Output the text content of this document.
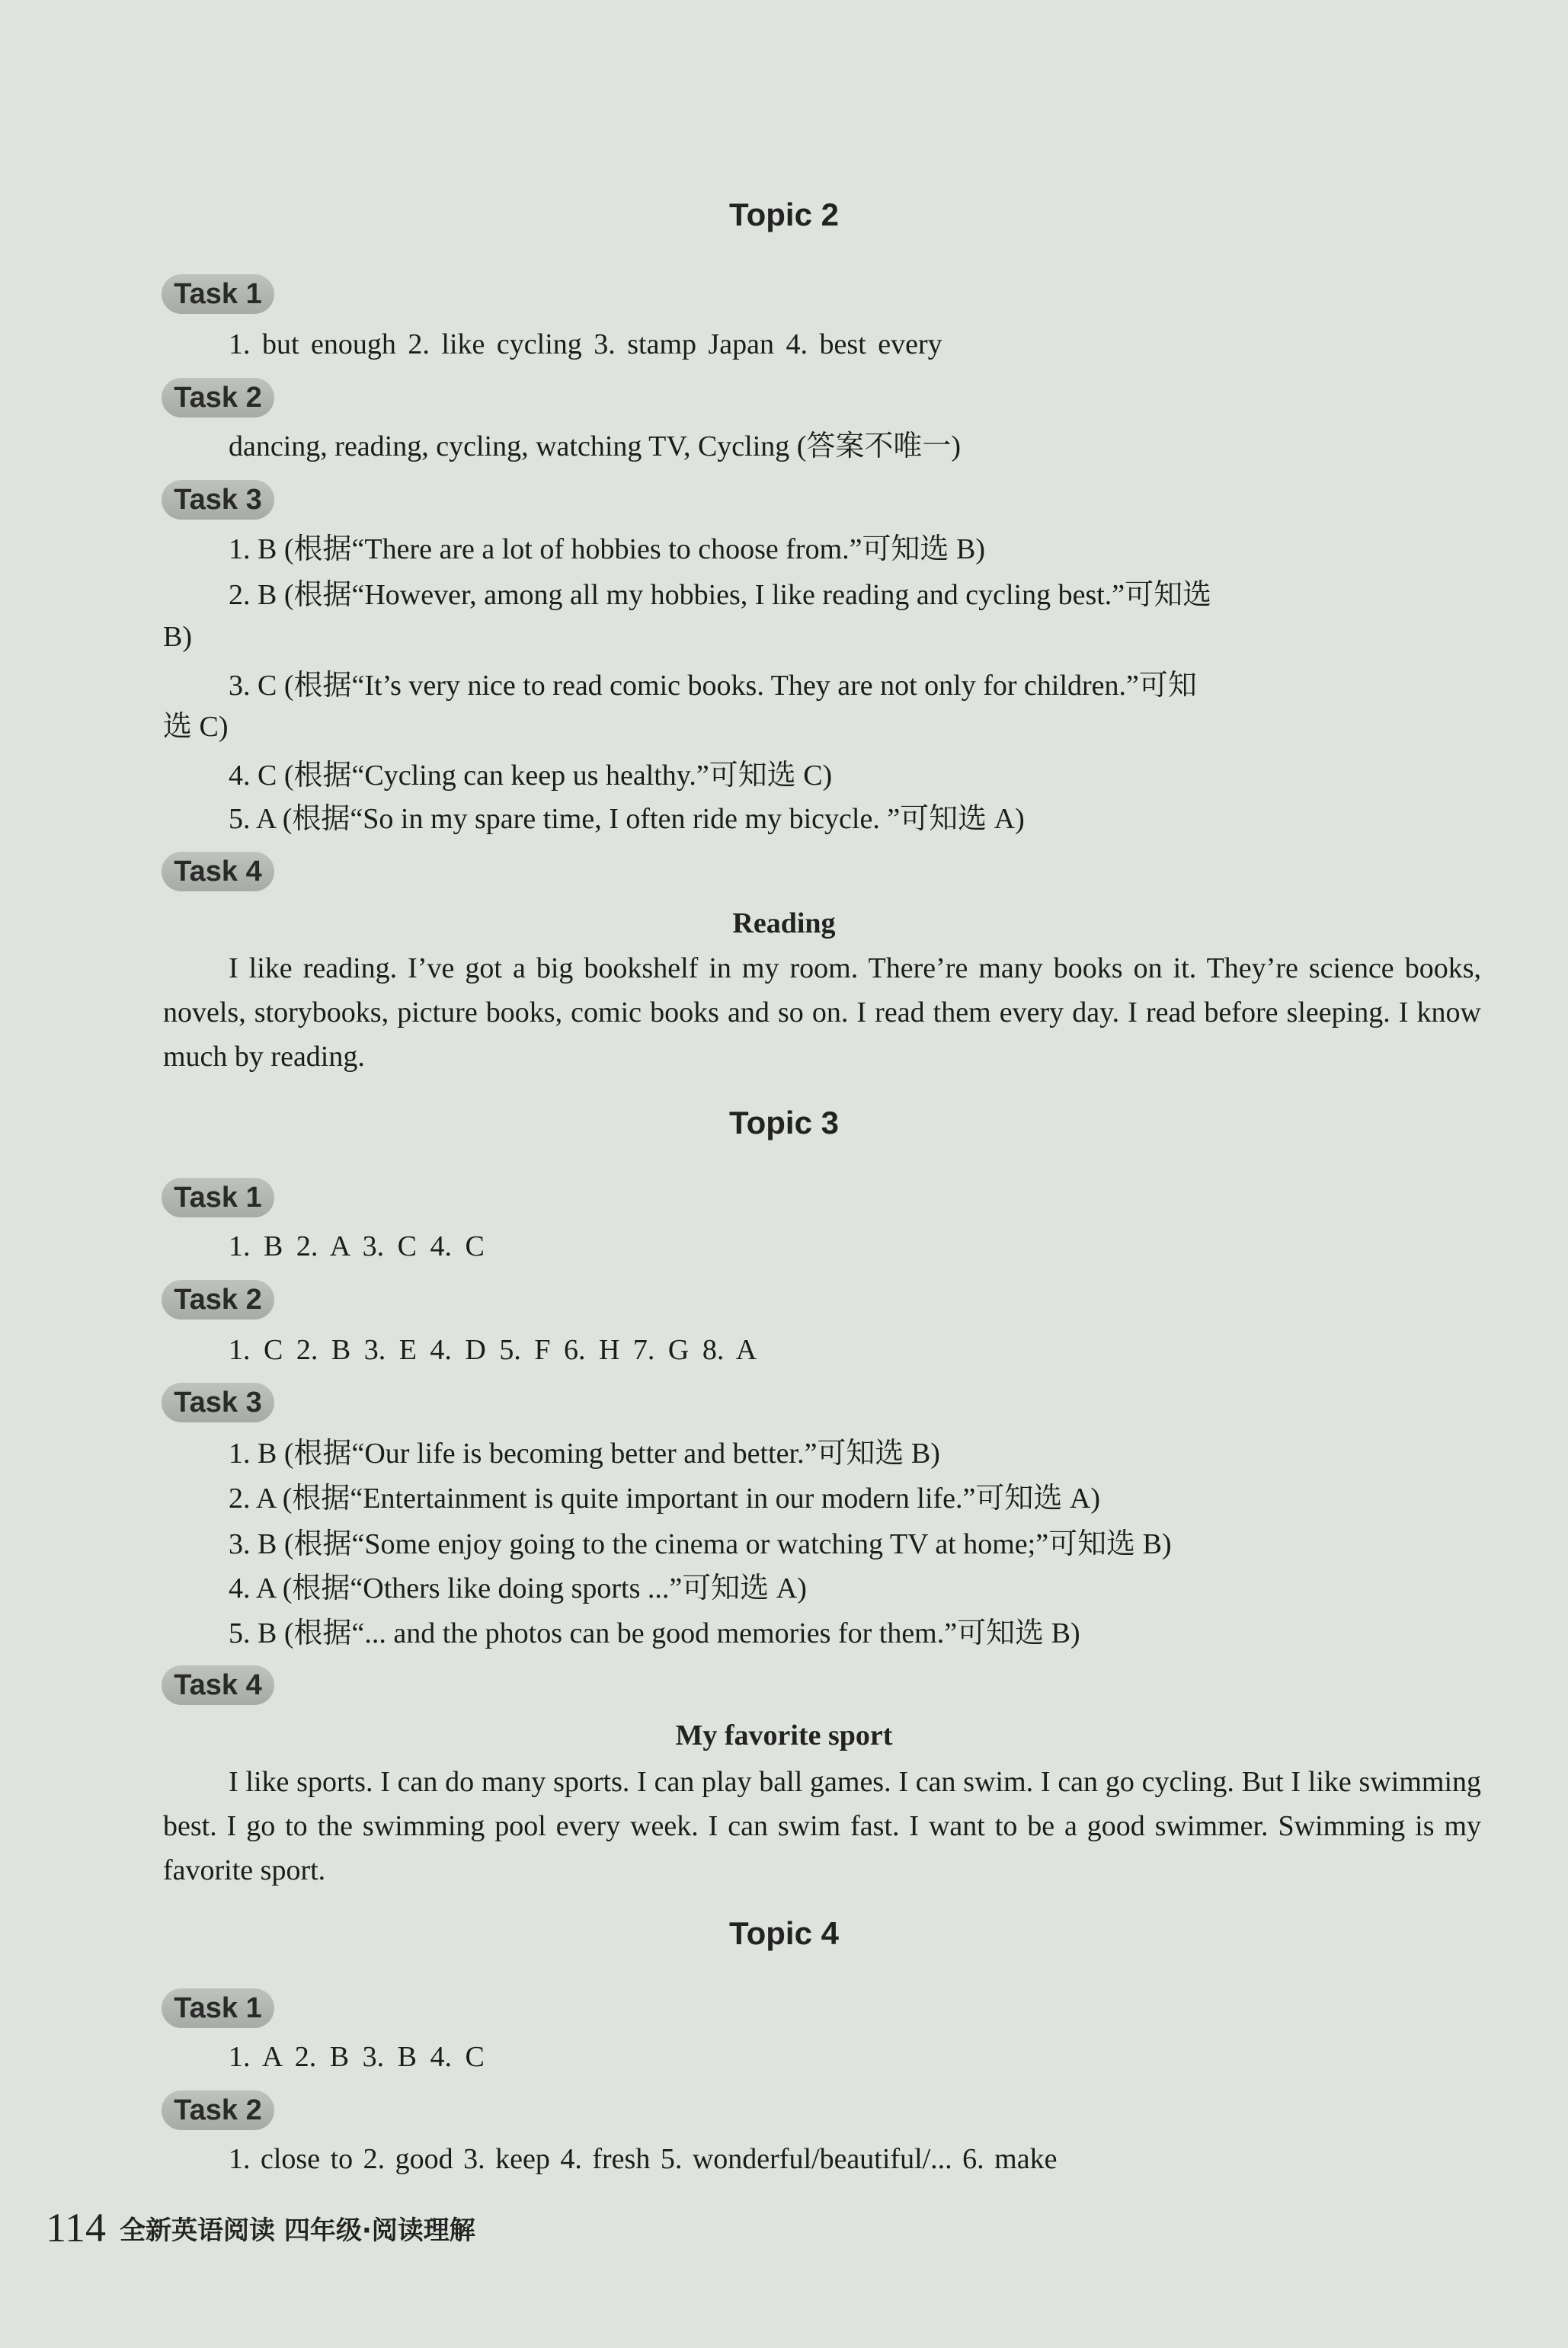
Topic 2
Task 1
1. but enough 2. like cycling 3. stamp Japan 4. best every
Task 2
dancing, reading, cycling, watching TV, Cycling (答案不唯一)
Task 3
1. B (根据“There are a lot of hobbies to choose from.”可知选 B)
2. B (根据“However, among all my hobbies, I like reading and cycling best.”可知选
B)
3. C (根据“It’s very nice to read comic books. They are not only for children.”可知
选 C)
4. C (根据“Cycling can keep us healthy.”可知选 C)
5. A (根据“So in my spare time, I often ride my bicycle. ”可知选 A)
Task 4
Reading
I like reading. I’ve got a big bookshelf in my room. There’re many books on it. They’re science books, novels, storybooks, picture books, comic books and so on. I read them every day. I read before sleeping. I know much by reading.
Topic 3
Task 1
1. B 2. A 3. C 4. C
Task 2
1. C 2. B 3. E 4. D 5. F 6. H 7. G 8. A
Task 3
1. B (根据“Our life is becoming better and better.”可知选 B)
2. A (根据“Entertainment is quite important in our modern life.”可知选 A)
3. B (根据“Some enjoy going to the cinema or watching TV at home;”可知选 B)
4. A (根据“Others like doing sports ...”可知选 A)
5. B (根据“... and the photos can be good memories for them.”可知选 B)
Task 4
My favorite sport
I like sports. I can do many sports. I can play ball games. I can swim. I can go cycling. But I like swimming best. I go to the swimming pool every week. I can swim fast. I want to be a good swimmer. Swimming is my favorite sport.
Topic 4
Task 1
1. A 2. B 3. B 4. C
Task 2
1. close to 2. good 3. keep 4. fresh 5. wonderful/beautiful/... 6. make
114 全新英语阅读 四年级·阅读理解
